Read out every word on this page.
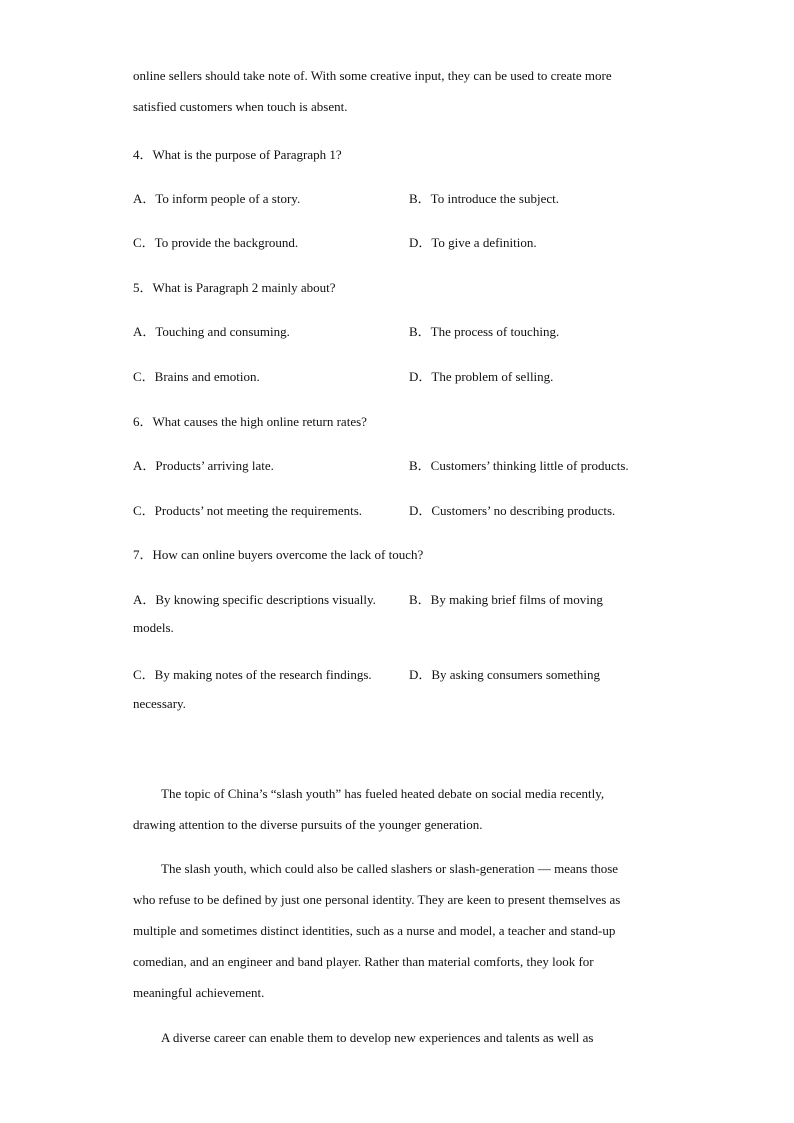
online sellers should take note of. With some creative input, they can be used to create more
satisfied customers when touch is absent.
4．What is the purpose of Paragraph 1?
A．To inform people of a story.	B．To introduce the subject.
C．To provide the background.	D．To give a definition.
5．What is Paragraph 2 mainly about?
A．Touching and consuming.	B．The process of touching.
C．Brains and emotion.	D．The problem of selling.
6．What causes the high online return rates?
A．Products’ arriving late.	B．Customers’ thinking little of products.
C．Products’ not meeting the requirements.	D．Customers’ no describing products.
7．How can online buyers overcome the lack of touch?
A．By knowing specific descriptions visually.	B．By making brief films of moving
models.
C．By making notes of the research findings.	D．By asking consumers something
necessary.
The topic of China’s “slash youth” has fueled heated debate on social media recently,
drawing attention to the diverse pursuits of the younger generation.
The slash youth, which could also be called slashers or slash-generation — means those
who refuse to be defined by just one personal identity. They are keen to present themselves as
multiple and sometimes distinct identities, such as a nurse and model, a teacher and stand-up
comedian, and an engineer and band player. Rather than material comforts, they look for
meaningful achievement.
A diverse career can enable them to develop new experiences and talents as well as
